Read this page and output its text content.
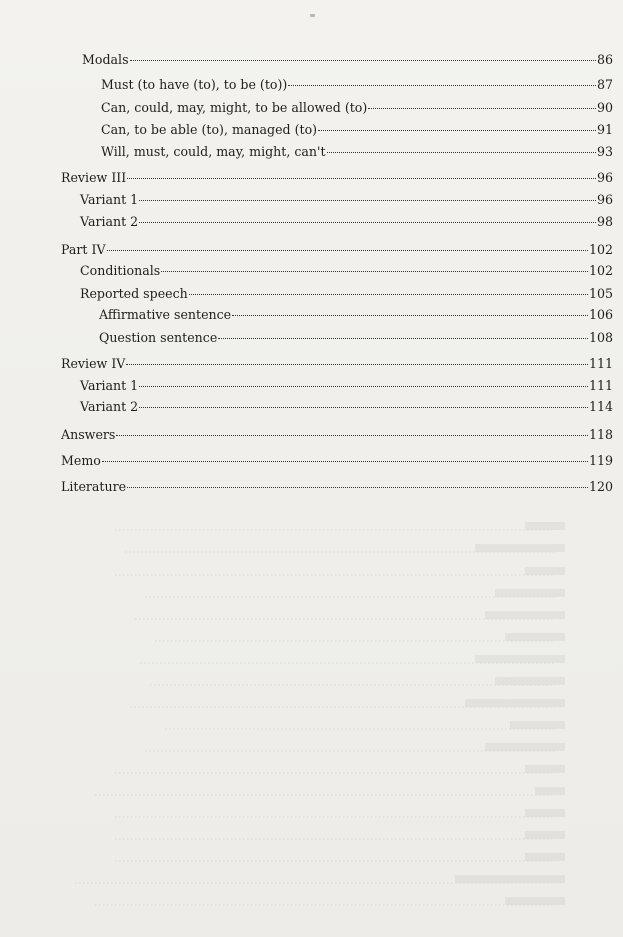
Modals	86
Must (to have (to), to be (to))	87
Can, could, may, might, to be allowed (to)	90
Can, to be able (to), managed (to)	91
Will, must, could, may, might, can't	93
Review III	96
Variant 1	96
Variant 2	98
Part IV	102
Conditionals	102
Reported speech	105
Affirmative sentence	106
Question sentence	108
Review IV	111
Variant 1	111
Variant 2	114
Answers	118
Memo	119
Literature	120
